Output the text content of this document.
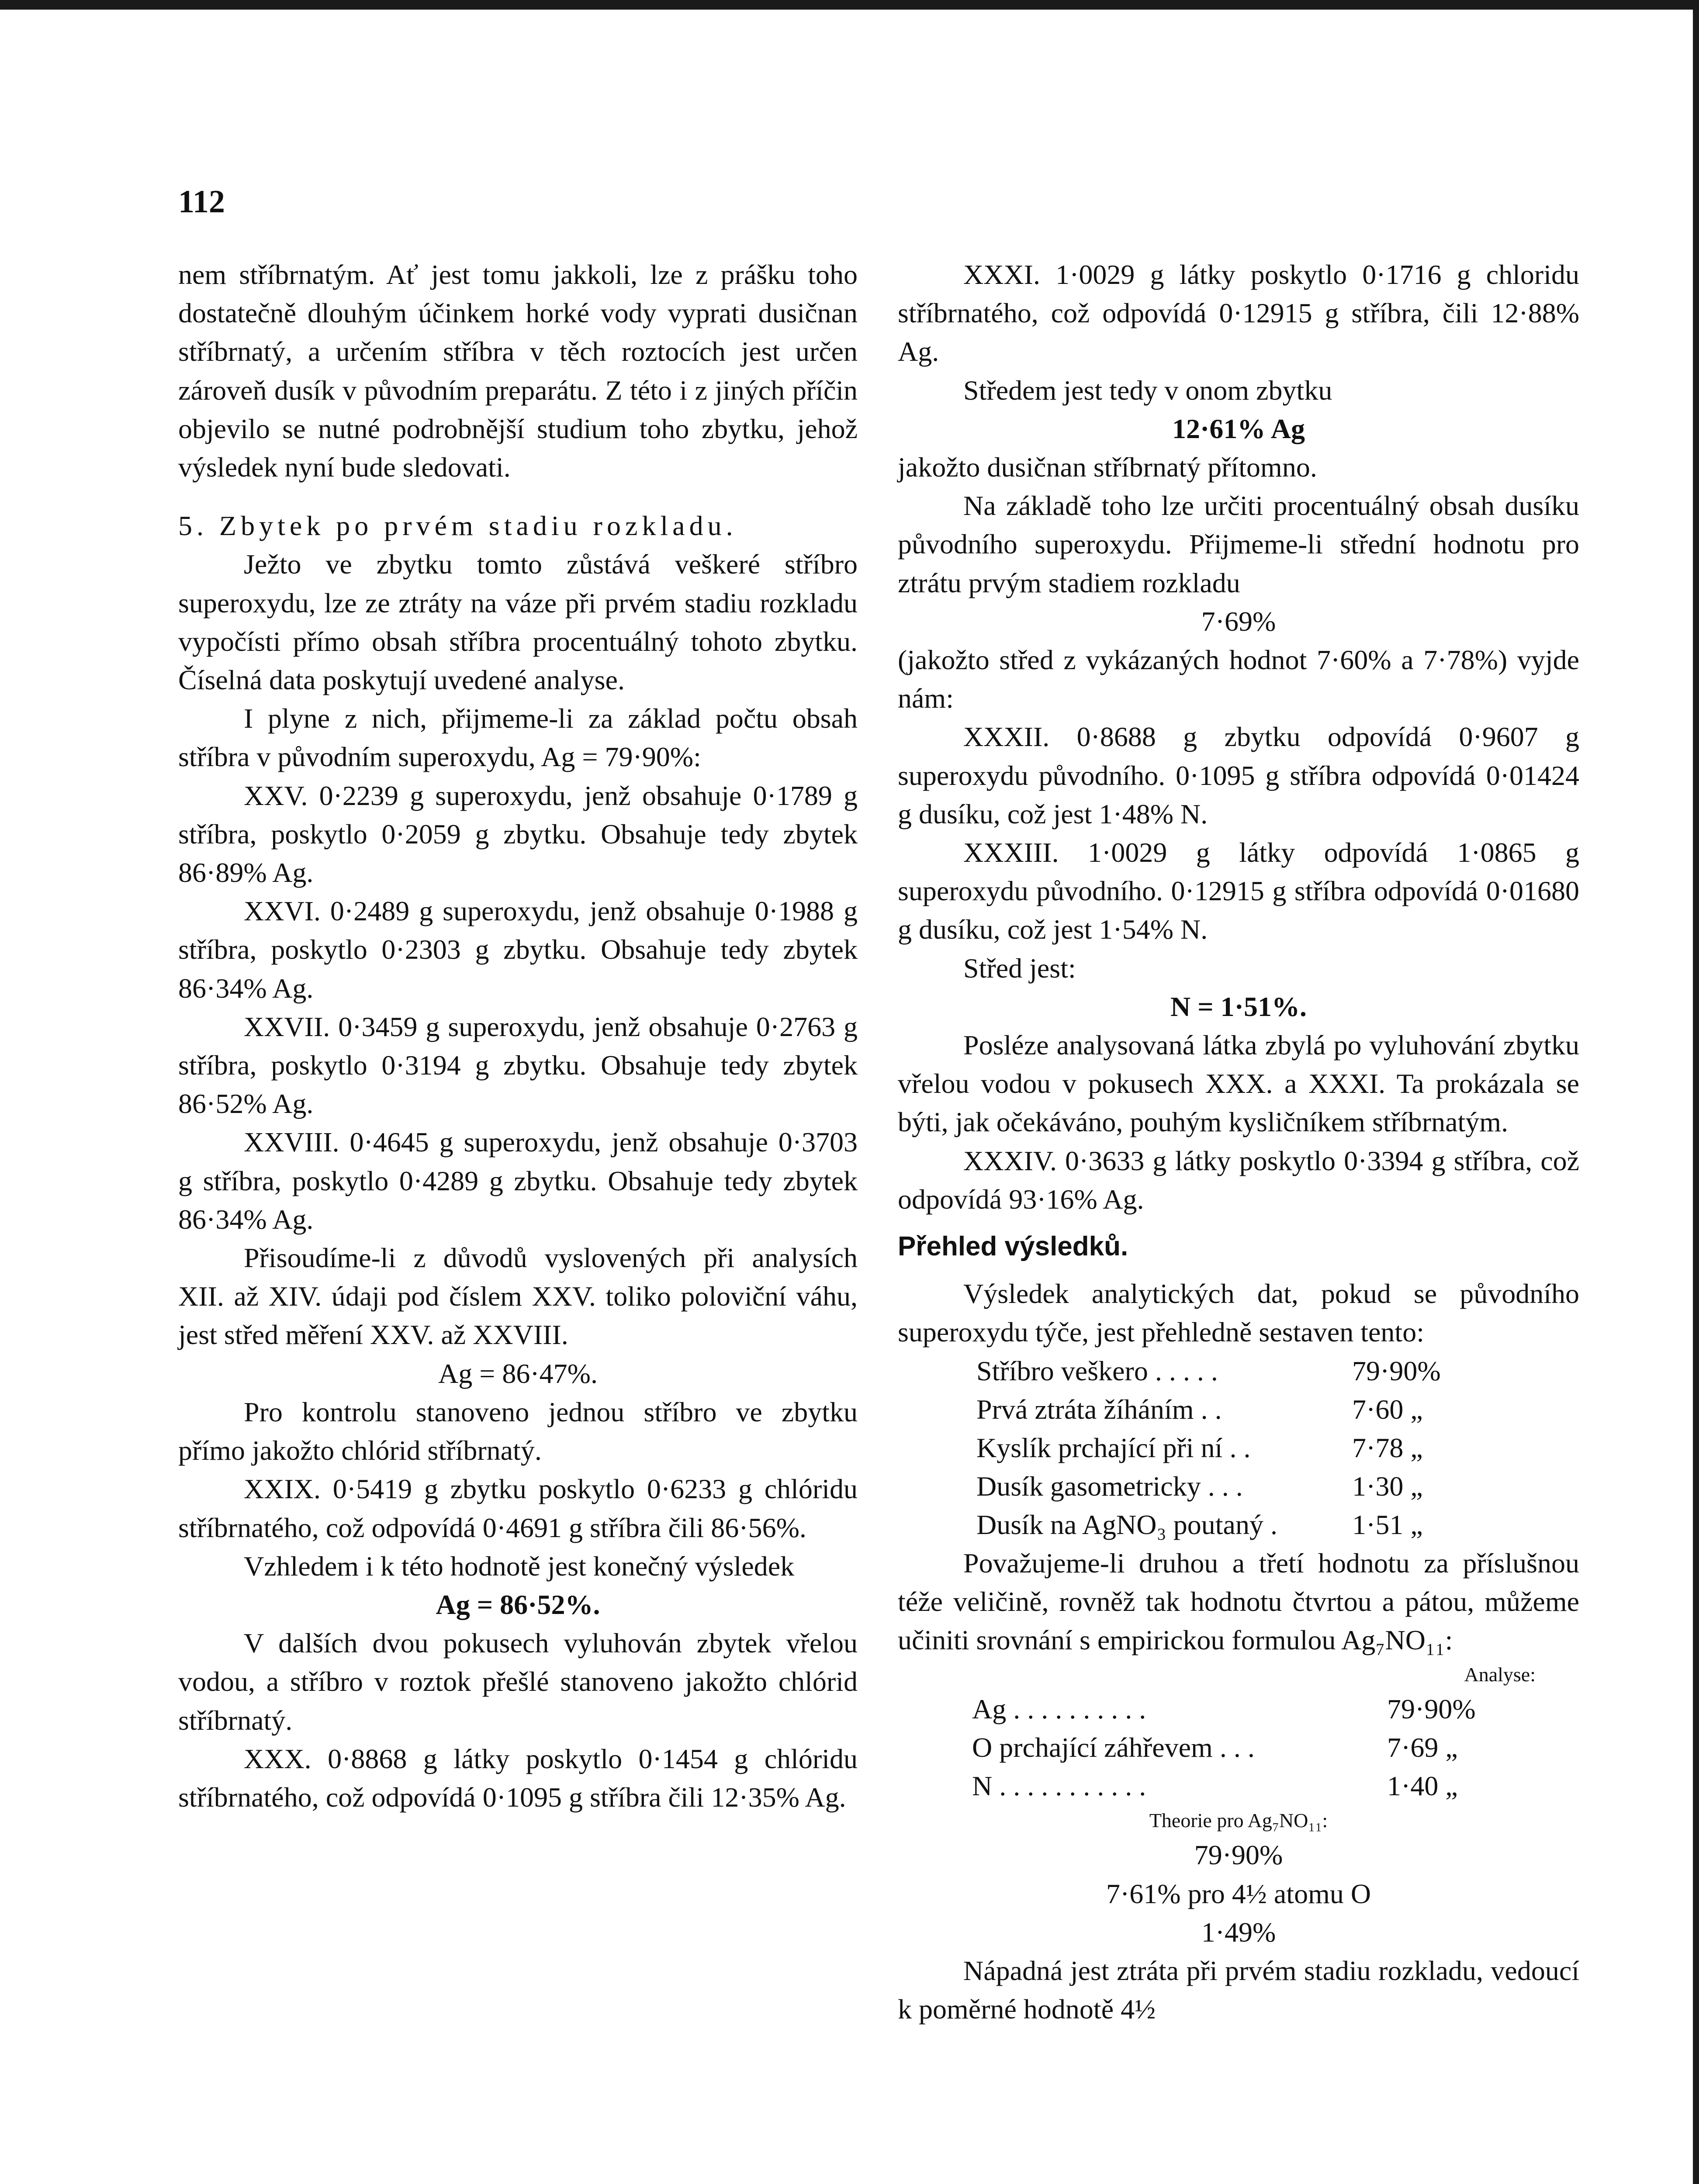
112

nem stříbrnatým. Ať jest tomu jakkoli, lze z prášku toho dostatečně dlouhým účinkem horké vody vyprati dusičnan stříbrnatý, a určením stříbra v těch roztocích jest určen zároveň dusík v původním preparátu. Z této i z jiných příčin objevilo se nutné podrobnější studium toho zbytku, jehož výsledek nyní bude sledovati.

5. Zbytek po prvém stadiu rozkladu.

Ježto ve zbytku tomto zůstává veškeré stříbro superoxydu, lze ze ztráty na váze při prvém stadiu rozkladu vypočísti přímo obsah stříbra procentuálný tohoto zbytku. Číselná data poskytují uvedené analyse.

I plyne z nich, přijmeme-li za základ počtu obsah stříbra v původním superoxydu, Ag = 79·90%:

XXV. 0·2239 g superoxydu, jenž obsahuje 0·1789 g stříbra, poskytlo 0·2059 g zbytku. Obsahuje tedy zbytek 86·89% Ag.

XXVI. 0·2489 g superoxydu, jenž obsahuje 0·1988 g stříbra, poskytlo 0·2303 g zbytku. Obsahuje tedy zbytek 86·34% Ag.

XXVII. 0·3459 g superoxydu, jenž obsahuje 0·2763 g stříbra, poskytlo 0·3194 g zbytku. Obsahuje tedy zbytek 86·52% Ag.

XXVIII. 0·4645 g superoxydu, jenž obsahuje 0·3703 g stříbra, poskytlo 0·4289 g zbytku. Obsahuje tedy zbytek 86·34% Ag.

Přisoudíme-li z důvodů vyslovených při analysích XII. až XIV. údaji pod číslem XXV. toliko poloviční váhu, jest střed měření XXV. až XXVIII.

Ag = 86·47%.

Pro kontrolu stanoveno jednou stříbro ve zbytku přímo jakožto chlórid stříbrnatý.

XXIX. 0·5419 g zbytku poskytlo 0·6233 g chlóridu stříbrnatého, což odpovídá 0·4691 g stříbra čili 86·56%.

Vzhledem i k této hodnotě jest konečný výsledek

Ag = 86·52%.

V dalších dvou pokusech vyluhován zbytek vřelou vodou, a stříbro v roztok přešlé stanoveno jakožto chlórid stříbrnatý.

XXX. 0·8868 g látky poskytlo 0·1454 g chlóridu stříbrnatého, což odpovídá 0·1095 g stříbra čili 12·35% Ag.

XXXI. 1·0029 g látky poskytlo 0·1716 g chloridu stříbrnatého, což odpovídá 0·12915 g stříbra, čili 12·88% Ag.

Středem jest tedy v onom zbytku

12·61% Ag

jakožto dusičnan stříbrnatý přítomno.

Na základě toho lze určiti procentuálný obsah dusíku původního superoxydu. Přijmeme-li střední hodnotu pro ztrátu prvým stadiem rozkladu

7·69%

(jakožto střed z vykázaných hodnot 7·60% a 7·78%) vyjde nám:

XXXII. 0·8688 g zbytku odpovídá 0·9607 g superoxydu původního. 0·1095 g stříbra odpovídá 0·01424 g dusíku, což jest 1·48% N.

XXXIII. 1·0029 g látky odpovídá 1·0865 g superoxydu původního. 0·12915 g stříbra odpovídá 0·01680 g dusíku, což jest 1·54% N.

Střed jest:

N = 1·51%.

Posléze analysovaná látka zbylá po vyluhování zbytku vřelou vodou v pokusech XXX. a XXXI. Ta prokázala se býti, jak očekáváno, pouhým kysličníkem stříbrnatým.

XXXIV. 0·3633 g látky poskytlo 0·3394 g stříbra, což odpovídá 93·16% Ag.

Přehled výsledků.

Výsledek analytických dat, pokud se původního superoxydu týče, jest přehledně sestaven tento:

Stříbro veškero . . . . .	79·90%
Prvá ztráta žíháním . .	7·60 „
Kyslík prchající při ní . .	7·78 „
Dusík gasometricky . . .	1·30 „
Dusík na AgNO₃ poutaný .	1·51 „

Považujeme-li druhou a třetí hodnotu za příslušnou téže veličině, rovněž tak hodnotu čtvrtou a pátou, můžeme učiniti srovnání s empirickou formulou Ag₇NO₁₁:

Analyse:
Ag . . . . . . . . . .	79·90%
O prchající záhřevem . . .	7·69 „
N . . . . . . . . . . .	1·40 „
Theorie pro Ag₇NO₁₁:

79·90%

7·61% pro 4½ atomu O

1·49%

Nápadná jest ztráta při prvém stadiu rozkladu, vedoucí k poměrné hodnotě 4½
